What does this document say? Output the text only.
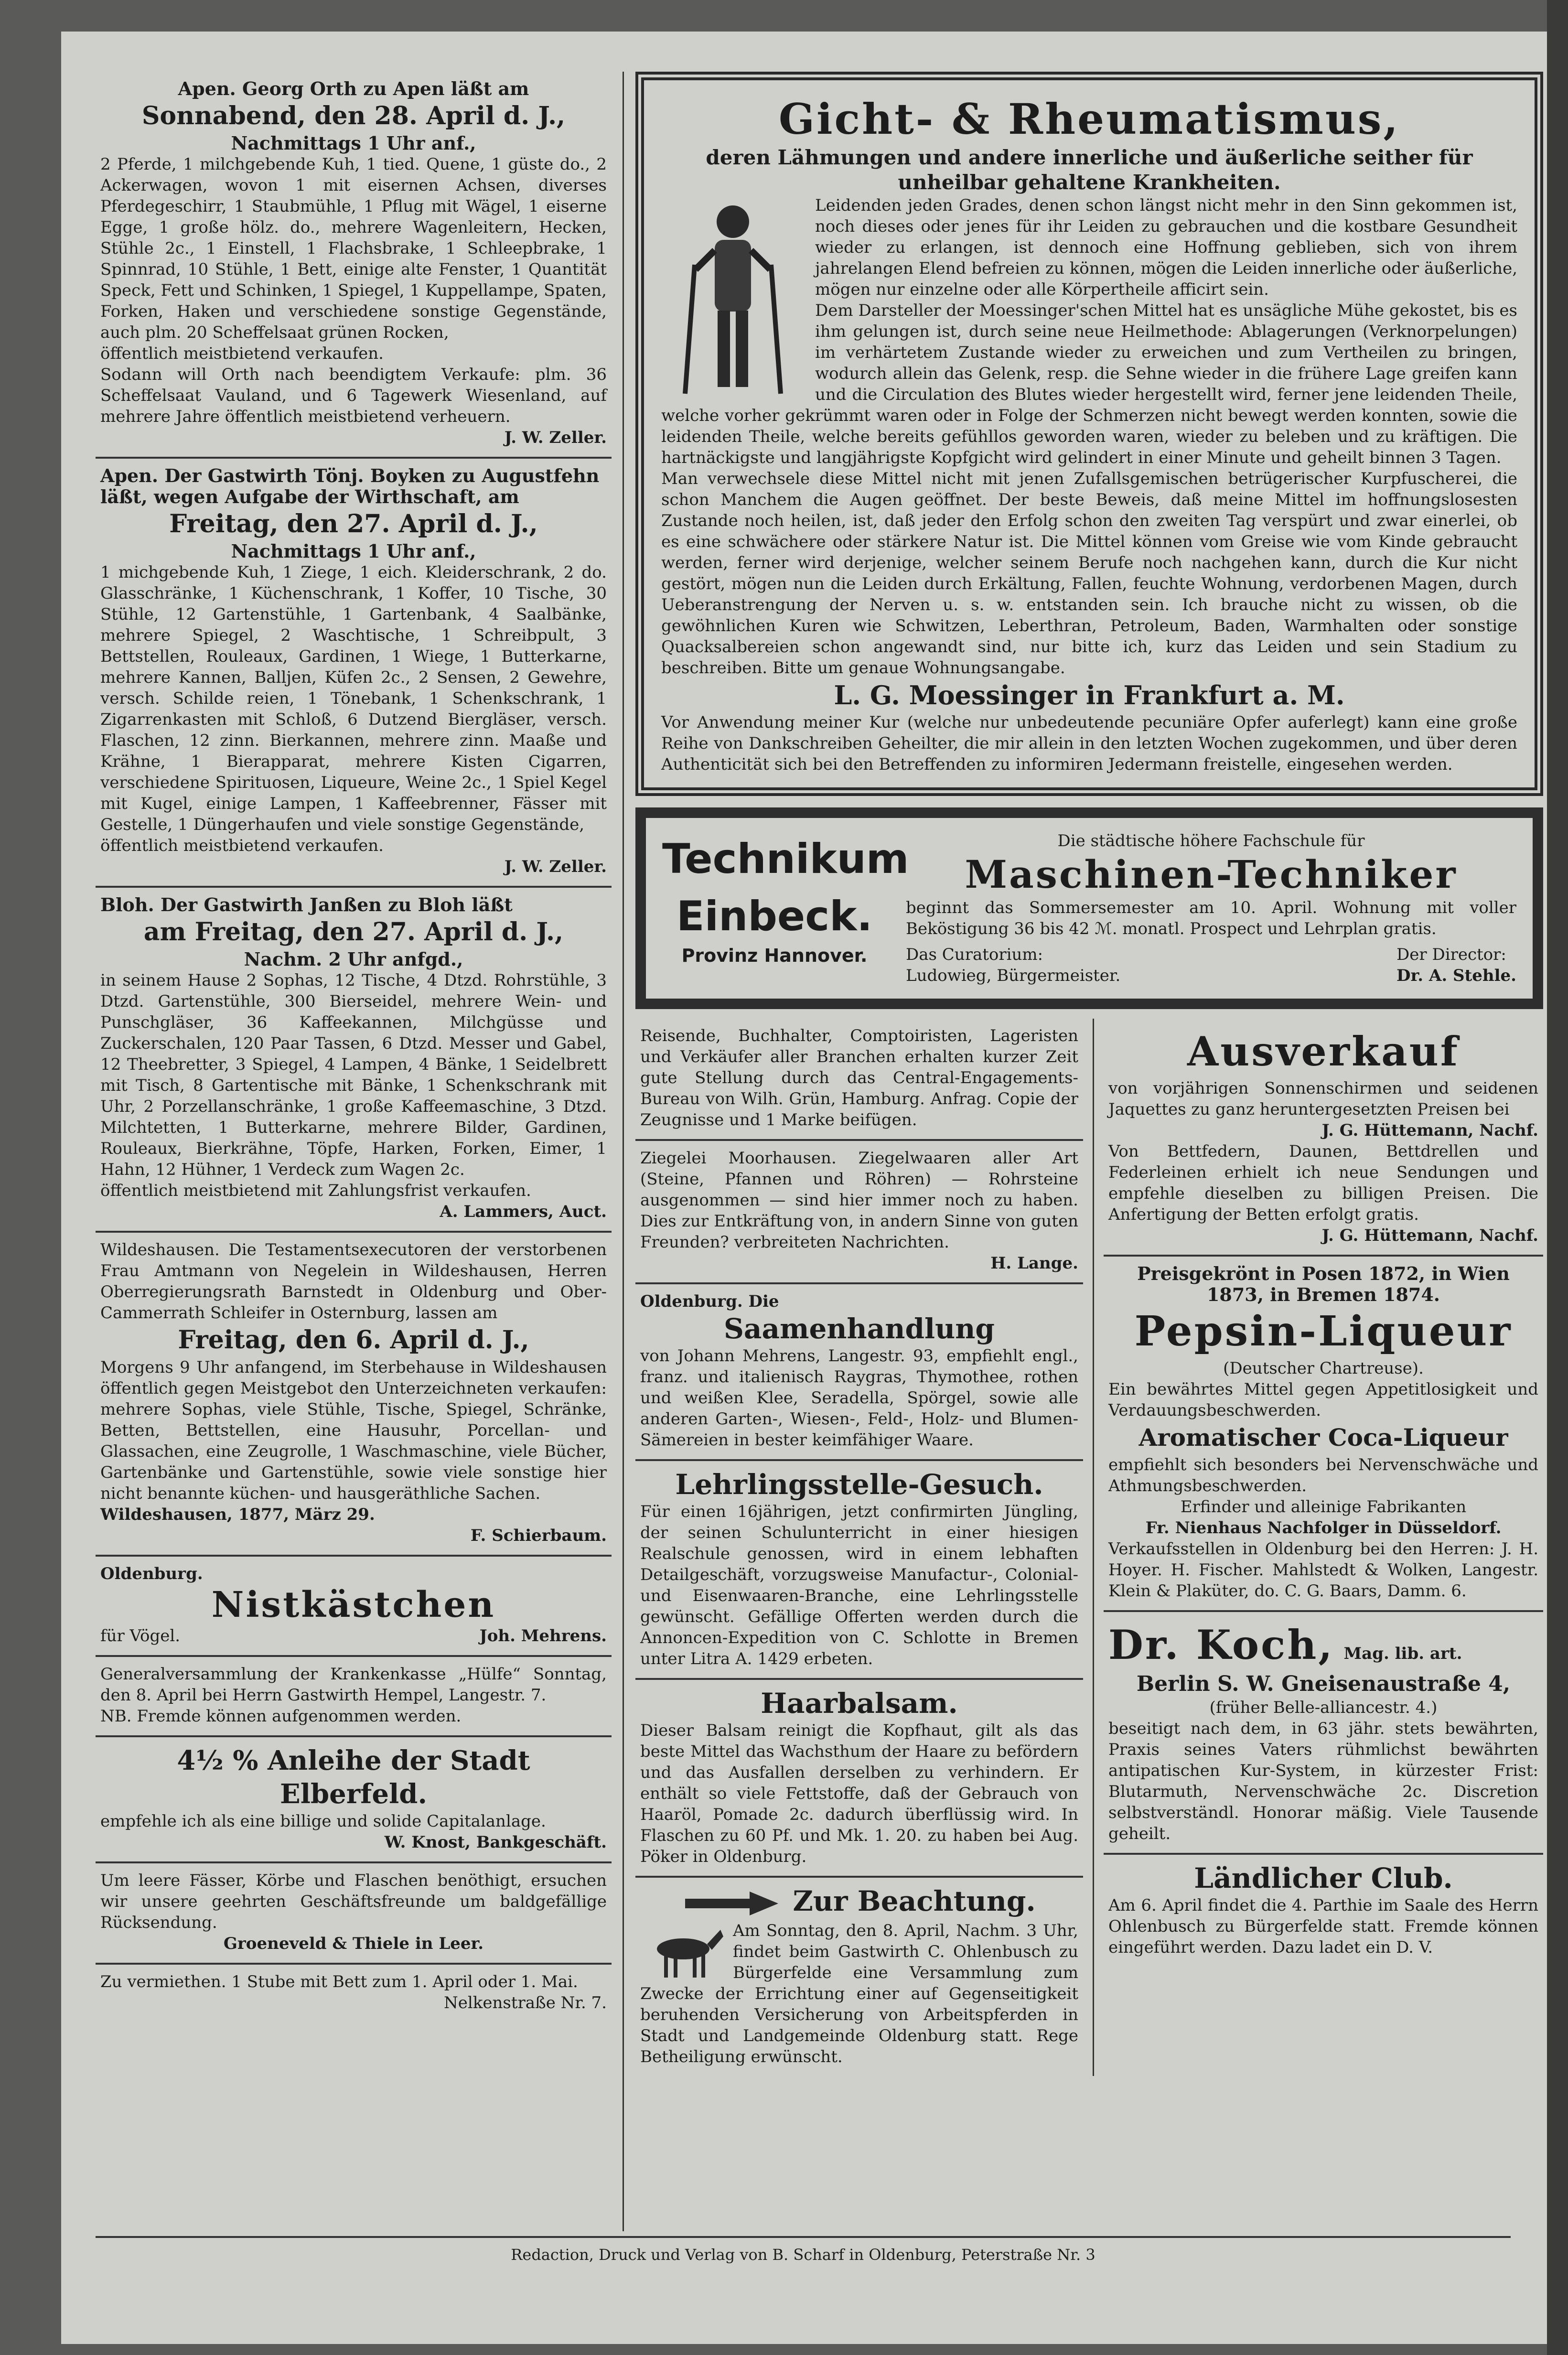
Apen. Georg Orth zu Apen läßt am
Sonnabend, den 28. April d. J.,
Nachmittags 1 Uhr anf.,

2 Pferde, 1 milchgebende Kuh, 1 tied. Quene, 1 güste do., 2 Ackerwagen, wovon 1 mit eisernen Achsen, diverses Pferdegeschirr, 1 Staubmühle, 1 Pflug mit Wägel, 1 eiserne Egge, 1 große hölz. do., mehrere Wagenleitern, Hecken, Stühle 2c., 1 Einstell, 1 Flachsbrake, 1 Schleepbrake, 1 Spinnrad, 10 Stühle, 1 Bett, einige alte Fenster, 1 Quantität Speck, Fett und Schinken, 1 Spiegel, 1 Kuppellampe, Spaten, Forken, Haken und verschiedene sonstige Gegenstände, auch plm. 20 Scheffelsaat grünen Rocken,

öffentlich meistbietend verkaufen.

Sodann will Orth nach beendigtem Verkaufe: plm. 36 Scheffelsaat Vauland, und 6 Tagewerk Wiesenland, auf mehrere Jahre öffentlich meistbietend verheuern.

J. W. Zeller.
Apen. Der Gastwirth Tönj. Boyken zu Augustfehn läßt, wegen Aufgabe der Wirthschaft, am
Freitag, den 27. April d. J.,
Nachmittags 1 Uhr anf.,

1 michgebende Kuh, 1 Ziege, 1 eich. Kleiderschrank, 2 do. Glasschränke, 1 Küchenschrank, 1 Koffer, 10 Tische, 30 Stühle, 12 Gartenstühle, 1 Gartenbank, 4 Saalbänke, mehrere Spiegel, 2 Waschtische, 1 Schreibpult, 3 Bettstellen, Rouleaux, Gardinen, 1 Wiege, 1 Butterkarne, mehrere Kannen, Balljen, Küfen 2c., 2 Sensen, 2 Gewehre, versch. Schilde reien, 1 Tönebank, 1 Schenkschrank, 1 Zigarrenkasten mit Schloß, 6 Dutzend Biergläser, versch. Flaschen, 12 zinn. Bierkannen, mehrere zinn. Maaße und Krähne, 1 Bierapparat, mehrere Kisten Cigarren, verschiedene Spirituosen, Liqueure, Weine 2c., 1 Spiel Kegel mit Kugel, einige Lampen, 1 Kaffeebrenner, Fässer mit Gestelle, 1 Düngerhaufen und viele sonstige Gegenstände,

öffentlich meistbietend verkaufen.

J. W. Zeller.
Bloh. Der Gastwirth Janßen zu Bloh läßt
am Freitag, den 27. April d. J.,
Nachm. 2 Uhr anfgd.,

in seinem Hause 2 Sophas, 12 Tische, 4 Dtzd. Rohrstühle, 3 Dtzd. Gartenstühle, 300 Bierseidel, mehrere Wein- und Punschgläser, 36 Kaffeekannen, Milchgüsse und Zuckerschalen, 120 Paar Tassen, 6 Dtzd. Messer und Gabel, 12 Theebretter, 3 Spiegel, 4 Lampen, 4 Bänke, 1 Seidelbrett mit Tisch, 8 Gartentische mit Bänke, 1 Schenkschrank mit Uhr, 2 Porzellanschränke, 1 große Kaffeemaschine, 3 Dtzd. Milchtetten, 1 Butterkarne, mehrere Bilder, Gardinen, Rouleaux, Bierkrähne, Töpfe, Harken, Forken, Eimer, 1 Hahn, 12 Hühner, 1 Verdeck zum Wagen 2c.

öffentlich meistbietend mit Zahlungsfrist verkaufen.

A. Lammers, Auct.

Wildeshausen. Die Testamentsexecutoren der verstorbenen Frau Amtmann von Negelein in Wildeshausen, Herren Oberregierungsrath Barnstedt in Oldenburg und Ober-Cammerrath Schleifer in Osternburg, lassen am

Freitag, den 6. April d. J.,

Morgens 9 Uhr anfangend, im Sterbehause in Wildeshausen öffentlich gegen Meistgebot den Unterzeichneten verkaufen: mehrere Sophas, viele Stühle, Tische, Spiegel, Schränke, Betten, Bettstellen, eine Hausuhr, Porcellan- und Glassachen, eine Zeugrolle, 1 Waschmaschine, viele Bücher, Gartenbänke und Gartenstühle, sowie viele sonstige hier nicht benannte küchen- und hausgeräthliche Sachen.

Wildeshausen, 1877, März 29.
F. Schierbaum.
Oldenburg.
Nistkästchen
für Vögel.	Joh. Mehrens.

Generalversammlung der Krankenkasse „Hülfe“ Sonntag, den 8. April bei Herrn Gastwirth Hempel, Langestr. 7.

NB. Fremde können aufgenommen werden.

4½ % Anleihe der Stadt Elberfeld.

empfehle ich als eine billige und solide Capitalanlage.

W. Knost, Bankgeschäft.

Um leere Fässer, Körbe und Flaschen benöthigt, ersuchen wir unsere geehrten Geschäftsfreunde um baldgefällige Rücksendung.

Groeneveld & Thiele in Leer.

Zu vermiethen. 1 Stube mit Bett zum 1. April oder 1. Mai.

Nelkenstraße Nr. 7.
Gicht- & Rheumatismus,
deren Lähmungen und andere innerliche und äußerliche seither für unheilbar gehaltene Krankheiten.

Leidenden jeden Grades, denen schon längst nicht mehr in den Sinn gekommen ist, noch dieses oder jenes für ihr Leiden zu gebrauchen und die kostbare Gesundheit wieder zu erlangen, ist dennoch eine Hoffnung geblieben, sich von ihrem jahrelangen Elend befreien zu können, mögen die Leiden innerliche oder äußerliche, mögen nur einzelne oder alle Körpertheile afficirt sein.

Dem Darsteller der Moessinger'schen Mittel hat es unsägliche Mühe gekostet, bis es ihm gelungen ist, durch seine neue Heilmethode: Ablagerungen (Verknorpelungen) im verhärtetem Zustande wieder zu erweichen und zum Vertheilen zu bringen, wodurch allein das Gelenk, resp. die Sehne wieder in die frühere Lage greifen kann und die Circulation des Blutes wieder hergestellt wird, ferner jene leidenden Theile, welche vorher gekrümmt waren oder in Folge der Schmerzen nicht bewegt werden konnten, sowie die leidenden Theile, welche bereits gefühllos geworden waren, wieder zu beleben und zu kräftigen. Die hartnäckigste und langjährigste Kopfgicht wird gelindert in einer Minute und geheilt binnen 3 Tagen.

Man verwechsele diese Mittel nicht mit jenen Zufallsgemischen betrügerischer Kurpfuscherei, die schon Manchem die Augen geöffnet. Der beste Beweis, daß meine Mittel im hoffnungslosesten Zustande noch heilen, ist, daß jeder den Erfolg schon den zweiten Tag verspürt und zwar einerlei, ob es eine schwächere oder stärkere Natur ist. Die Mittel können vom Greise wie vom Kinde gebraucht werden, ferner wird derjenige, welcher seinem Berufe noch nachgehen kann, durch die Kur nicht gestört, mögen nun die Leiden durch Erkältung, Fallen, feuchte Wohnung, verdorbenen Magen, durch Ueberanstrengung der Nerven u. s. w. entstanden sein. Ich brauche nicht zu wissen, ob die gewöhnlichen Kuren wie Schwitzen, Leberthran, Petroleum, Baden, Warmhalten oder sonstige Quacksalbereien schon angewandt sind, nur bitte ich, kurz das Leiden und sein Stadium zu beschreiben. Bitte um genaue Wohnungsangabe.

L. G. Moessinger in Frankfurt a. M.

Vor Anwendung meiner Kur (welche nur unbedeutende pecuniäre Opfer auferlegt) kann eine große Reihe von Dankschreiben Geheilter, die mir allein in den letzten Wochen zugekommen, und über deren Authenticität sich bei den Betreffenden zu informiren Jedermann freistelle, eingesehen werden.

Technikum
Einbeck.
Provinz Hannover.
Die städtische höhere Fachschule für
Maschinen-Techniker

beginnt das Sommersemester am 10. April. Wohnung mit voller Beköstigung 36 bis 42 ℳ. monatl. Prospect und Lehrplan gratis.

Das Curatorium:
Ludowieg, Bürgermeister.
Der Director:
Dr. A. Stehle.

Reisende, Buchhalter, Comptoiristen, Lageristen und Verkäufer aller Branchen erhalten kurzer Zeit gute Stellung durch das Central-Engagements-Bureau von Wilh. Grün, Hamburg. Anfrag. Copie der Zeugnisse und 1 Marke beifügen.

Ziegelei Moorhausen. Ziegelwaaren aller Art (Steine, Pfannen und Röhren) — Rohrsteine ausgenommen — sind hier immer noch zu haben. Dies zur Entkräftung von, in andern Sinne von guten Freunden? verbreiteten Nachrichten.

H. Lange.
Oldenburg. Die
Saamenhandlung

von Johann Mehrens, Langestr. 93, empfiehlt engl., franz. und italienisch Raygras, Thymothee, rothen und weißen Klee, Seradella, Spörgel, sowie alle anderen Garten-, Wiesen-, Feld-, Holz- und Blumen-Sämereien in bester keimfähiger Waare.

Lehrlingsstelle-Gesuch.

Für einen 16jährigen, jetzt confirmirten Jüngling, der seinen Schulunterricht in einer hiesigen Realschule genossen, wird in einem lebhaften Detailgeschäft, vorzugsweise Manufactur-, Colonial- und Eisenwaaren-Branche, eine Lehrlingsstelle gewünscht. Gefällige Offerten werden durch die Annoncen-Expedition von C. Schlotte in Bremen unter Litra A. 1429 erbeten.

Haarbalsam.

Dieser Balsam reinigt die Kopfhaut, gilt als das beste Mittel das Wachsthum der Haare zu befördern und das Ausfallen derselben zu verhindern. Er enthält so viele Fettstoffe, daß der Gebrauch von Haaröl, Pomade 2c. dadurch überflüssig wird. In Flaschen zu 60 Pf. und Mk. 1. 20. zu haben bei Aug. Pöker in Oldenburg.

Zur Beachtung.

Am Sonntag, den 8. April, Nachm. 3 Uhr, findet beim Gastwirth C. Ohlenbusch zu Bürgerfelde eine Versammlung zum Zwecke der Errichtung einer auf Gegenseitigkeit beruhenden Versicherung von Arbeitspferden in Stadt und Landgemeinde Oldenburg statt. Rege Betheiligung erwünscht.

Ausverkauf

von vorjährigen Sonnenschirmen und seidenen Jaquettes zu ganz heruntergesetzten Preisen bei

J. G. Hüttemann, Nachf.

Von Bettfedern, Daunen, Bettdrellen und Federleinen erhielt ich neue Sendungen und empfehle dieselben zu billigen Preisen. Die Anfertigung der Betten erfolgt gratis.

J. G. Hüttemann, Nachf.
Preisgekrönt in Posen 1872, in Wien 1873, in Bremen 1874.
Pepsin-Liqueur
(Deutscher Chartreuse).

Ein bewährtes Mittel gegen Appetitlosigkeit und Verdauungsbeschwerden.

Aromatischer Coca-Liqueur

empfiehlt sich besonders bei Nervenschwäche und Athmungsbeschwerden.

Erfinder und alleinige Fabrikanten
Fr. Nienhaus Nachfolger in Düsseldorf.

Verkaufsstellen in Oldenburg bei den Herren: J. H. Hoyer. H. Fischer. Mahlstedt & Wolken, Langestr. Klein & Plaküter, do. C. G. Baars, Damm. 6.

Dr. Koch, Mag. lib. art.
Berlin S. W. Gneisenaustraße 4,
(früher Belle-alliancestr. 4.)

beseitigt nach dem, in 63 jähr. stets bewährten, Praxis seines Vaters rühmlichst bewährten antipatischen Kur-System, in kürzester Frist: Blutarmuth, Nervenschwäche 2c. Discretion selbstverständl. Honorar mäßig. Viele Tausende geheilt.

Ländlicher Club.

Am 6. April findet die 4. Parthie im Saale des Herrn Ohlenbusch zu Bürgerfelde statt. Fremde können eingeführt werden. Dazu ladet ein D. V.

Redaction, Druck und Verlag von B. Scharf in Oldenburg, Peterstraße Nr. 3
